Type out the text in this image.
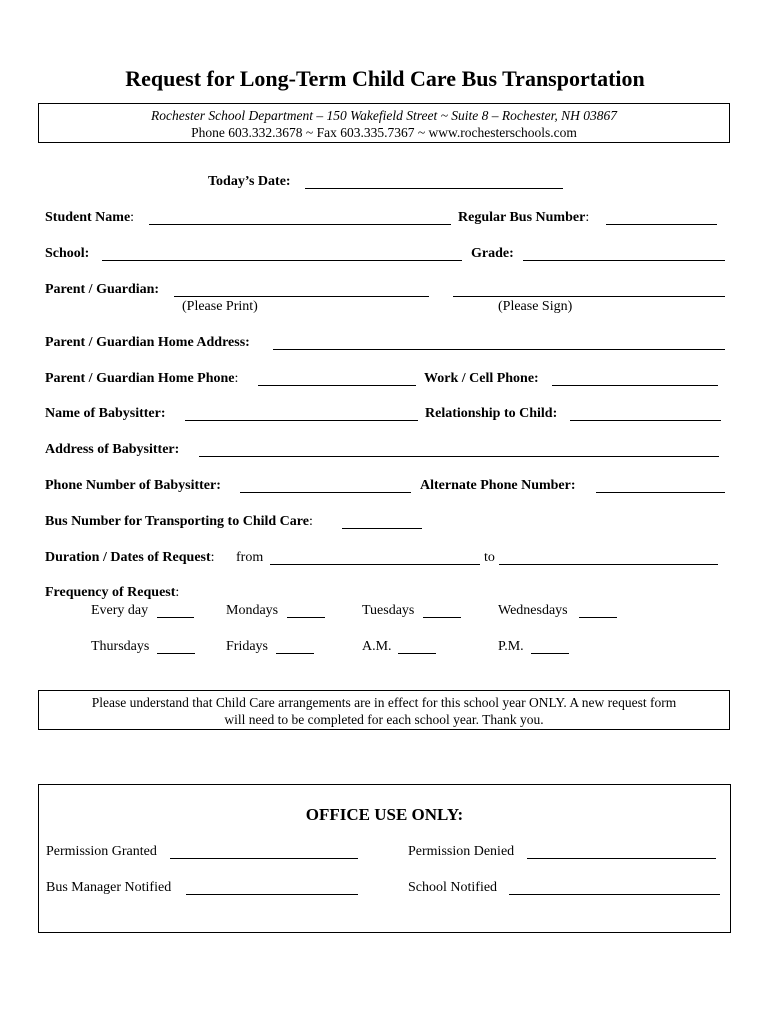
Request for Long-Term Child Care Bus Transportation
Rochester School Department – 150 Wakefield Street ~ Suite 8 – Rochester, NH 03867
Phone 603.332.3678 ~ Fax 603.335.7367 ~ www.rochesterschools.com
Today’s Date:
Student Name:	Regular Bus Number:
School:	Grade:
Parent / Guardian:
(Please Print)	(Please Sign)
Parent / Guardian Home Address:
Parent / Guardian Home Phone:	Work / Cell Phone:
Name of Babysitter:	Relationship to Child:
Address of Babysitter:
Phone Number of Babysitter:	Alternate Phone Number:
Bus Number for Transporting to Child Care:
Duration / Dates of Request: from	to
Frequency of Request:
Every day	Mondays	Tuesdays	Wednesdays
Thursdays	Fridays	A.M.	P.M.
Please understand that Child Care arrangements are in effect for this school year ONLY. A new request form
will need to be completed for each school year. Thank you.
OFFICE USE ONLY:
Permission Granted	Permission Denied
Bus Manager Notified	School Notified
